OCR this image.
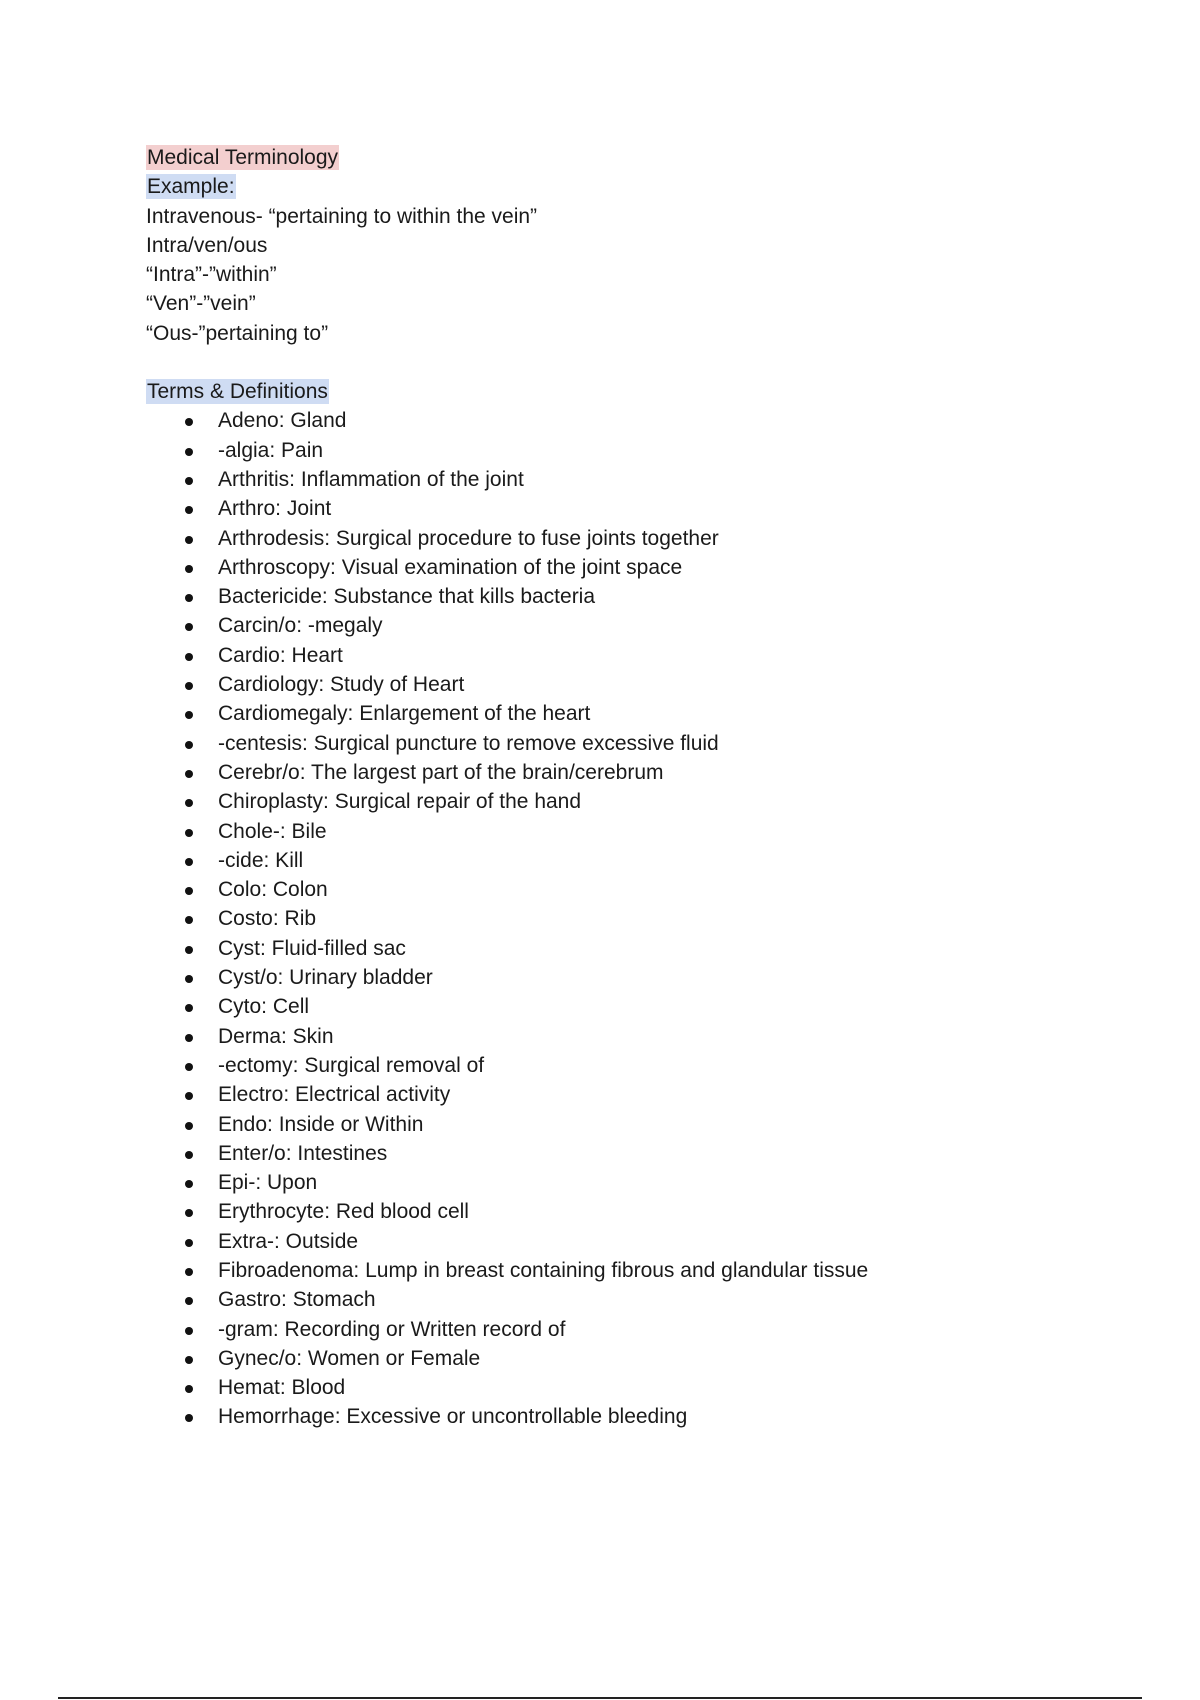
Medical Terminology
Example:
Intravenous- “pertaining to within the vein”
Intra/ven/ous
“Intra”-”within”
“Ven”-”vein”
“Ous-”pertaining to”
Terms & Definitions
Adeno: Gland
-algia: Pain
Arthritis: Inflammation of the joint
Arthro: Joint
Arthrodesis: Surgical procedure to fuse joints together
Arthroscopy: Visual examination of the joint space
Bactericide: Substance that kills bacteria
Carcin/o: -megaly
Cardio: Heart
Cardiology: Study of Heart
Cardiomegaly: Enlargement of the heart
-centesis: Surgical puncture to remove excessive fluid
Cerebr/o: The largest part of the brain/cerebrum
Chiroplasty: Surgical repair of the hand
Chole-: Bile
-cide: Kill
Colo: Colon
Costo: Rib
Cyst: Fluid-filled sac
Cyst/o: Urinary bladder
Cyto: Cell
Derma: Skin
-ectomy: Surgical removal of
Electro: Electrical activity
Endo: Inside or Within
Enter/o: Intestines
Epi-: Upon
Erythrocyte: Red blood cell
Extra-: Outside
Fibroadenoma: Lump in breast containing fibrous and glandular tissue
Gastro: Stomach
-gram: Recording or Written record of
Gynec/o: Women or Female
Hemat: Blood
Hemorrhage: Excessive or uncontrollable bleeding
